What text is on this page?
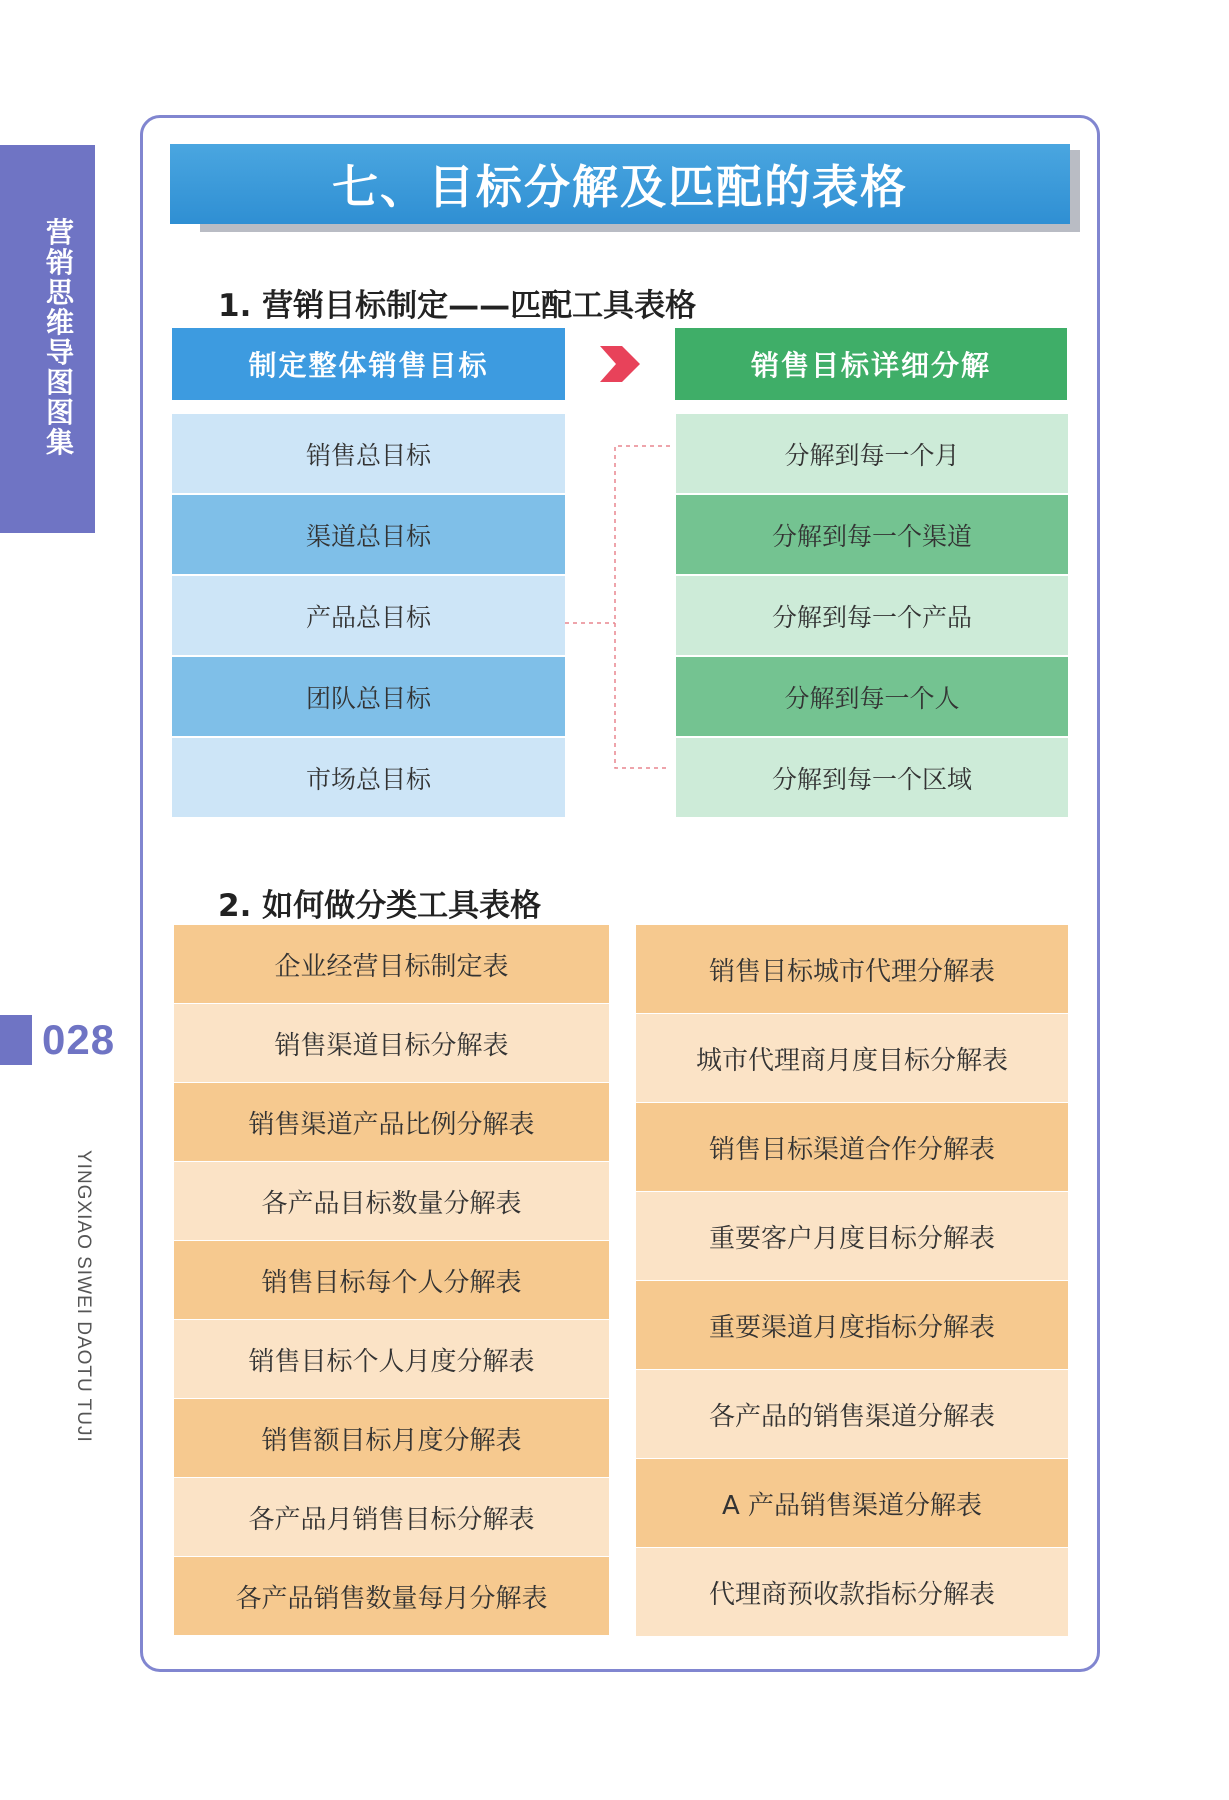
营销思维导图图集
028
YINGXIAO SIWEI DAOTU TUJI
七、目标分解及匹配的表格
1. 营销目标制定——匹配工具表格
制定整体销售目标	销售目标详细分解
销售总目标
渠道总目标
产品总目标
团队总目标
市场总目标
分解到每一个月
分解到每一个渠道
分解到每一个产品
分解到每一个人
分解到每一个区域
2. 如何做分类工具表格
企业经营目标制定表
销售渠道目标分解表
销售渠道产品比例分解表
各产品目标数量分解表
销售目标每个人分解表
销售目标个人月度分解表
销售额目标月度分解表
各产品月销售目标分解表
各产品销售数量每月分解表
销售目标城市代理分解表
城市代理商月度目标分解表
销售目标渠道合作分解表
重要客户月度目标分解表
重要渠道月度指标分解表
各产品的销售渠道分解表
A 产品销售渠道分解表
代理商预收款指标分解表
